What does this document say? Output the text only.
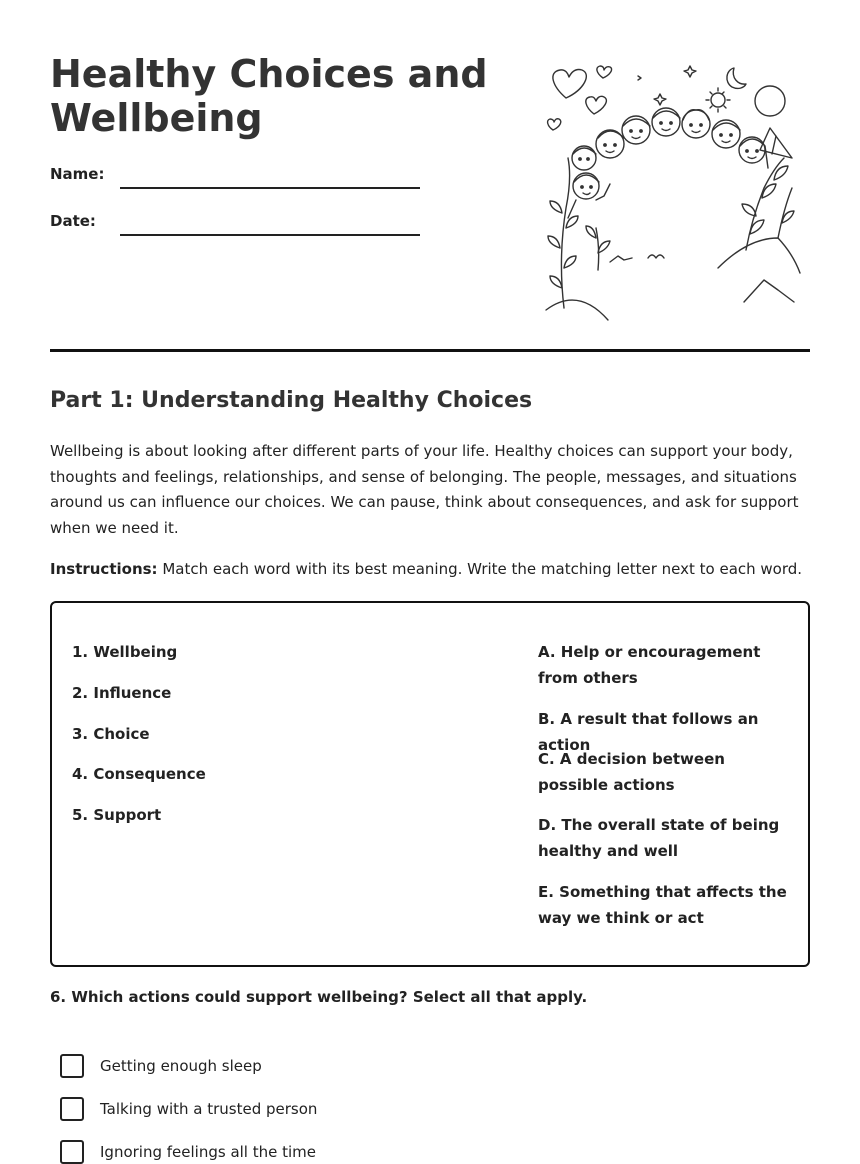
Healthy Choices and Wellbeing
Name:
Date:
Part 1: Understanding Healthy Choices

Wellbeing is about looking after different parts of your life. Healthy choices can support your body, thoughts and feelings, relationships, and sense of belonging. The people, messages, and situations around us can influence our choices. We can pause, think about consequences, and ask for support when we need it.

Instructions: Match each word with its best meaning. Write the matching letter next to each word.

1. Wellbeing
2. Influence
3. Choice
4. Consequence
5. Support
A. Help or encouragement from others
B. A result that follows an action
C. A decision between possible actions
D. The overall state of being healthy and well
E. Something that affects the way we think or act

6. Which actions could support wellbeing? Select all that apply.

Getting enough sleep
Talking with a trusted person
Ignoring feelings all the time
